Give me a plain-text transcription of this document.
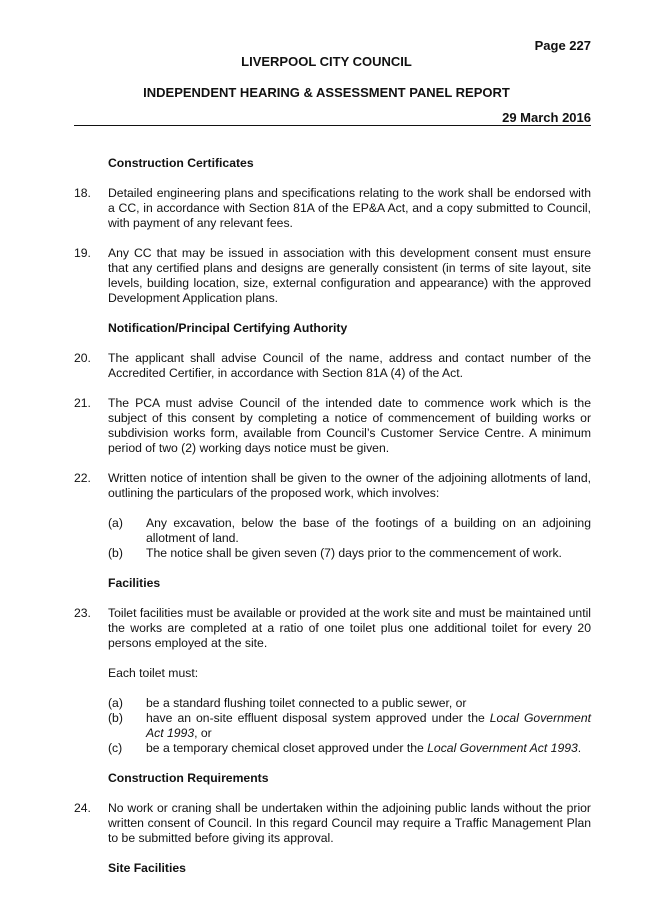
Page 227
LIVERPOOL CITY COUNCIL
INDEPENDENT HEARING & ASSESSMENT PANEL REPORT
29 March 2016
Construction Certificates
18.	Detailed engineering plans and specifications relating to the work shall be endorsed with a CC, in accordance with Section 81A of the EP&A Act, and a copy submitted to Council, with payment of any relevant fees.
19.	Any CC that may be issued in association with this development consent must ensure that any certified plans and designs are generally consistent (in terms of site layout, site levels, building location, size, external configuration and appearance) with the approved Development Application plans.
Notification/Principal Certifying Authority
20.	The applicant shall advise Council of the name, address and contact number of the Accredited Certifier, in accordance with Section 81A (4) of the Act.
21.	The PCA must advise Council of the intended date to commence work which is the subject of this consent by completing a notice of commencement of building works or subdivision works form, available from Council’s Customer Service Centre. A minimum period of two (2) working days notice must be given.
22.	Written notice of intention shall be given to the owner of the adjoining allotments of land, outlining the particulars of the proposed work, which involves:
(a)	Any excavation, below the base of the footings of a building on an adjoining allotment of land.
(b)	The notice shall be given seven (7) days prior to the commencement of work.
Facilities
23.	Toilet facilities must be available or provided at the work site and must be maintained until the works are completed at a ratio of one toilet plus one additional toilet for every 20 persons employed at the site.
Each toilet must:
(a)	be a standard flushing toilet connected to a public sewer, or
(b)	have an on-site effluent disposal system approved under the Local Government Act 1993, or
(c)	be a temporary chemical closet approved under the Local Government Act 1993.
Construction Requirements
24.	No work or craning shall be undertaken within the adjoining public lands without the prior written consent of Council. In this regard Council may require a Traffic Management Plan to be submitted before giving its approval.
Site Facilities
